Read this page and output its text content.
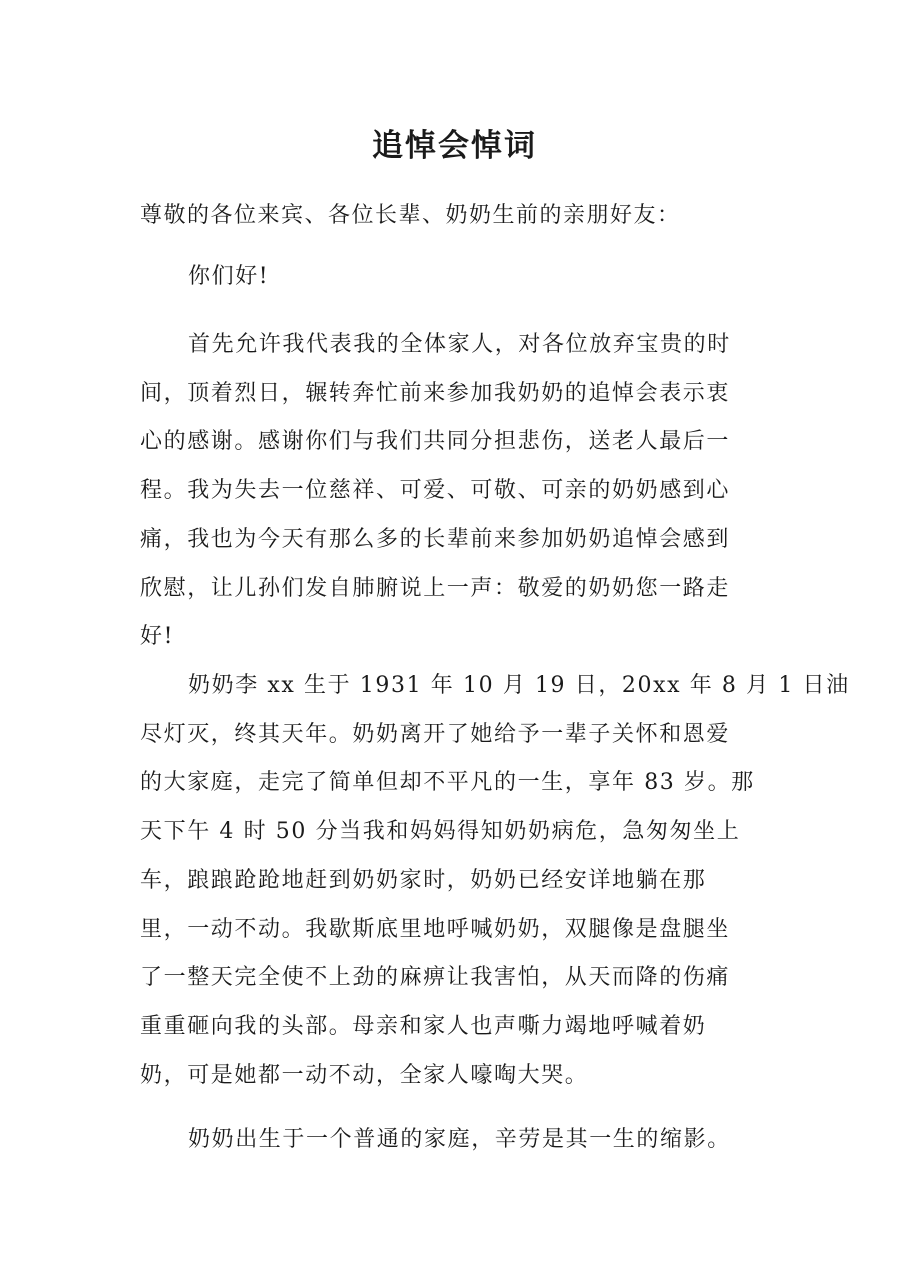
追悼会悼词

尊敬的各位来宾、各位长辈、奶奶生前的亲朋好友：

你们好!

首先允许我代表我的全体家人，对各位放弃宝贵的时
间，顶着烈日，辗转奔忙前来参加我奶奶的追悼会表示衷
心的感谢。感谢你们与我们共同分担悲伤，送老人最后一
程。我为失去一位慈祥、可爱、可敬、可亲的奶奶感到心
痛，我也为今天有那么多的长辈前来参加奶奶追悼会感到
欣慰，让儿孙们发自肺腑说上一声：敬爱的奶奶您一路走
好!

奶奶李 xx 生于 1931 年 10 月 19 日，20xx 年 8 月 1 日油
尽灯灭，终其天年。奶奶离开了她给予一辈子关怀和恩爱
的大家庭，走完了简单但却不平凡的一生，享年 83 岁。那
天下午 4 时 50 分当我和妈妈得知奶奶病危，急匆匆坐上
车，踉踉跄跄地赶到奶奶家时，奶奶已经安详地躺在那
里，一动不动。我歇斯底里地呼喊奶奶，双腿像是盘腿坐
了一整天完全使不上劲的麻痹让我害怕，从天而降的伤痛
重重砸向我的头部。母亲和家人也声嘶力竭地呼喊着奶
奶，可是她都一动不动，全家人嚎啕大哭。

奶奶出生于一个普通的家庭，辛劳是其一生的缩影。
